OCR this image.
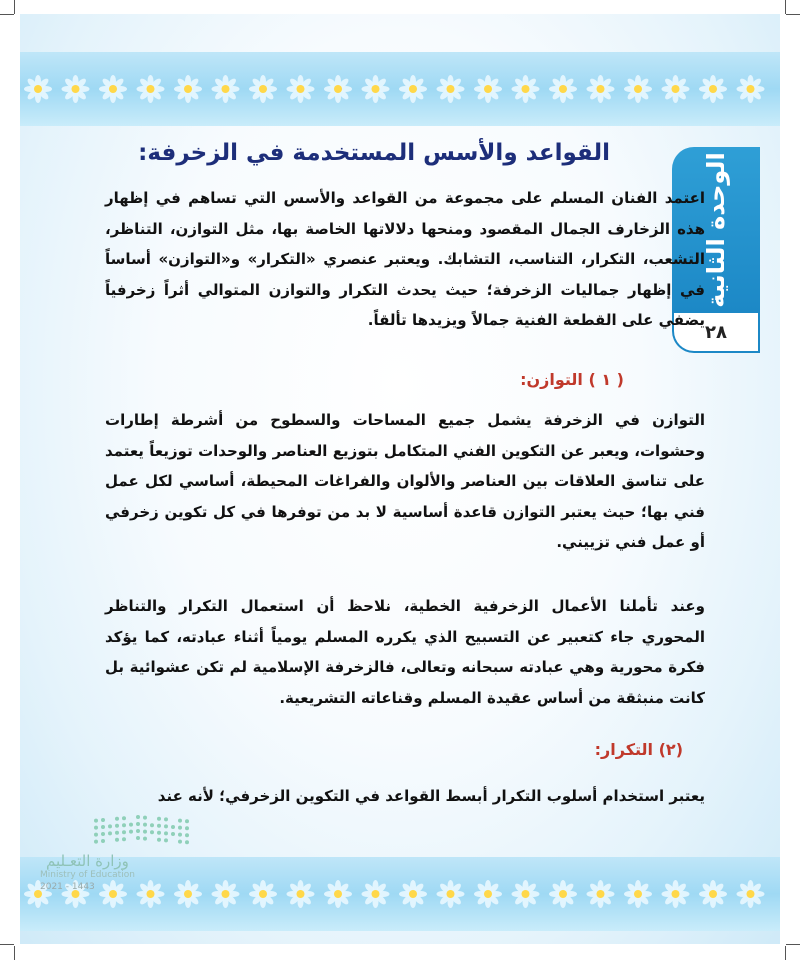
الوحدة الثانية
٢٨
القواعد والأسس المستخدمة في الزخرفة:
اعتمد الفنان المسلم على مجموعة من القواعد والأسس التي تساهم في إظهار هذه الزخارف الجمال المقصود ومنحها دلالاتها الخاصة بها، مثل التوازن، التناظر، التشعب، التكرار، التناسب، التشابك. ويعتبر عنصري «التكرار» و«التوازن» أساساً في إظهار جماليات الزخرفة؛ حيث يحدث التكرار والتوازن المتوالي أثراً زخرفياً يضفي على القطعة الفنية جمالاً ويزيدها تألقاً.
( ١ ) التوازن:
التوازن في الزخرفة يشمل جميع المساحات والسطوح من أشرطة إطارات وحشوات، ويعبر عن التكوين الفني المتكامل بتوزيع العناصر والوحدات توزيعاً يعتمد على تناسق العلاقات بين العناصر والألوان والفراغات المحيطة، أساسي لكل عمل فني بها؛ حيث يعتبر التوازن قاعدة أساسية لا بد من توفرها في كل تكوين زخرفي أو عمل فني تزييني.
وعند تأملنا الأعمال الزخرفية الخطية، نلاحظ أن استعمال التكرار والتناظر المحوري جاء كتعبير عن التسبيح الذي يكرره المسلم يومياً أثناء عبادته، كما يؤكد فكرة محورية وهي عبادته سبحانه وتعالى، فالزخرفة الإسلامية لم تكن عشوائية بل كانت منبثقة من أساس عقيدة المسلم وقناعاته التشريعية.
(٢) التكرار:
يعتبر استخدام أسلوب التكرار أبسط القواعد في التكوين الزخرفي؛ لأنه عند
وزارة التعـليم
Ministry of Education
2021 - 1443
